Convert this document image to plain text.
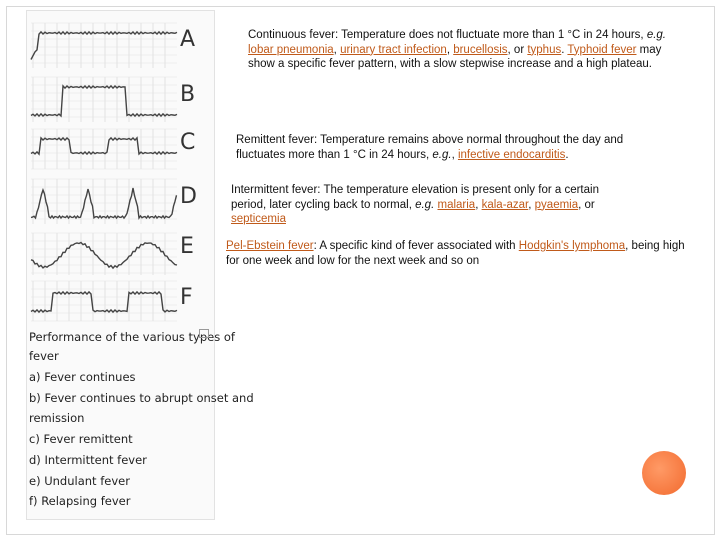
Performance of the various types of
fever
a) Fever continues
b) Fever continues to abrupt onset and
remission
c) Fever remittent
d) Intermittent fever
e) Undulant fever
f) Relapsing fever
A
B
C
D
E
F
Continuous fever: Temperature does not fluctuate more than 1 °C in 24 hours, e.g.
lobar pneumonia, urinary tract infection, brucellosis, or typhus. Typhoid fever may show a specific fever pattern, with a slow stepwise increase and a high plateau.
Remittent fever: Temperature remains above normal throughout the day and fluctuates more than 1 °C in 24 hours, e.g., infective endocarditis.
Intermittent fever: The temperature elevation is present only for a certain period, later cycling back to normal, e.g. malaria, kala-azar, pyaemia, or septicemia
Pel-Ebstein fever: A specific kind of fever associated with Hodgkin's lymphoma, being high for one week and low for the next week and so on
